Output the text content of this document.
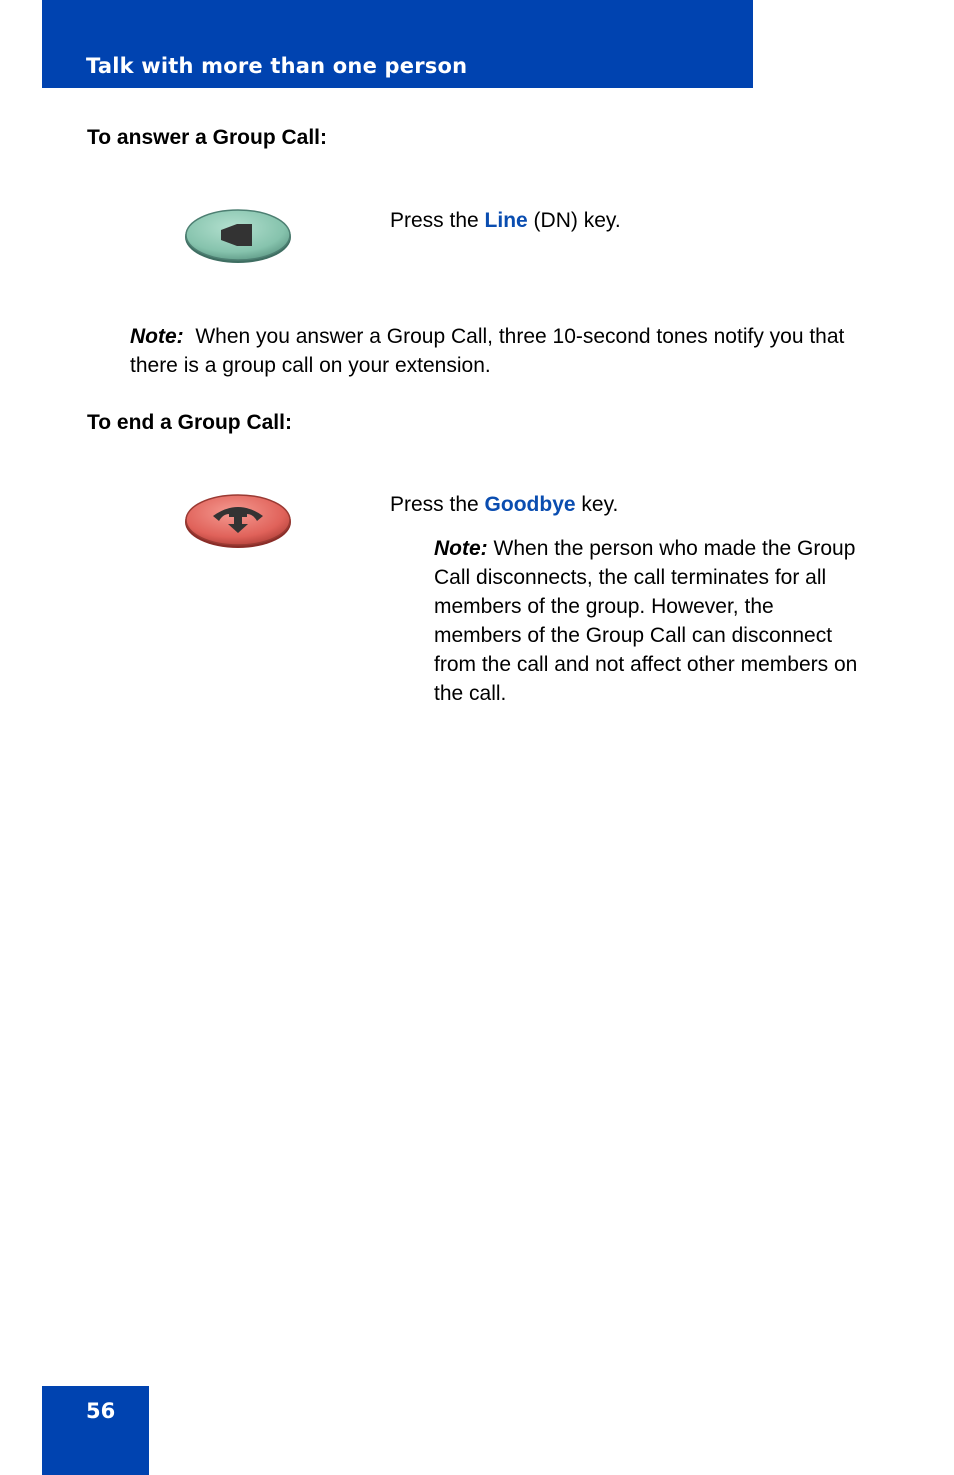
Talk with more than one person
To answer a Group Call:
Press the Line (DN) key.
Note: When you answer a Group Call, three 10-second tones notify you that there is a group call on your extension.
To end a Group Call:
Press the Goodbye key.
Note: When the person who made the Group Call disconnects, the call terminates for all members of the group. However, the members of the Group Call can disconnect from the call and not affect other members on the call.
56
